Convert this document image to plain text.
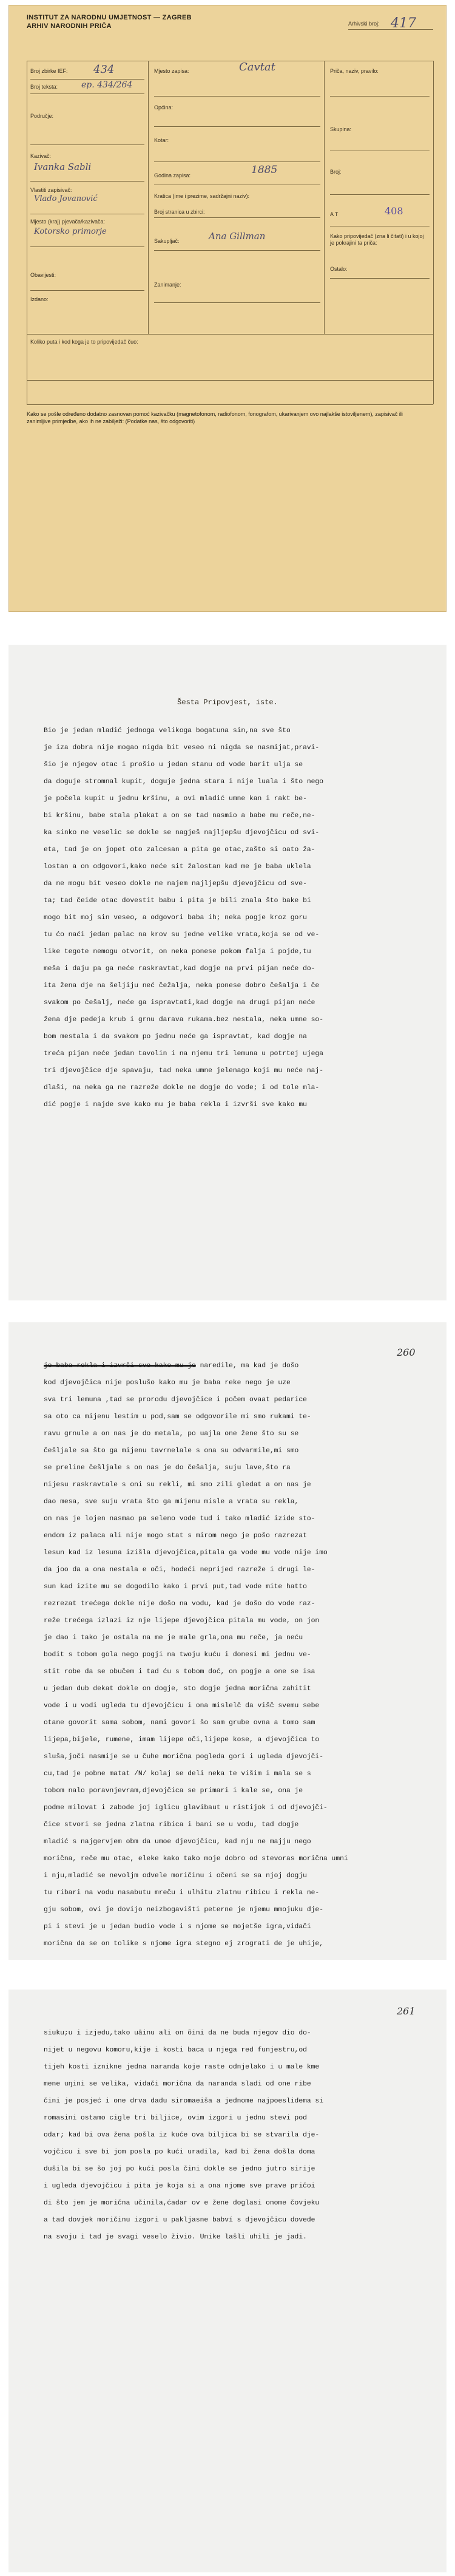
INSTITUT ZA NARODNU UMJETNOST — ZAGREB
ARHIV NARODNIH PRIČA	Arhivski broj: 417
Broj zbirke IEF: 434
Broj teksta:	ep. 434/264
Područje:
Kazivač:
Ivanka Sabli
Vlastiti zapisivač:
Vlado Jovanović
Mjesto (kraj) pjevača/kazivača:
Kotorsko primorje
Obavijesti:
Izdano:
Mjesto zapisa:	Cavtat
Općina:
Kotar:
Godina zapisa:	1885
Kratica (ime i prezime, sadržajni naziv):
Broj stranica u zbirci:
Sakupljač:	Ana Gillman
Zanimanje:
Priča, naziv, pravilo:
Skupina:
Broj:
A T	408
Kako pripovijedač (zna li čitati) i u kojoj je pokrajini ta priča:
Ostalo:
Koliko puta i kod koga je to pripovijedač čuo:
Kako se pošle određeno dodatno zasnovan pomoć kazivačku (magnetofonom, radiofonom, fonografom, ukarivanjem ovo najlakše istoviljenem), zapisivač ili zanimljive primjedbe, ako ih ne zabilježi: (Podatke nas, što odgovoriti)
Šesta Pripovjest, iste.
Bio je jedan mladić jednoga velikoga bogatuna sin,na sve što
je iza dobra nije mogao nigda bit veseo ni nigda se nasmijat,pravi-
šio je njegov otac i prošio u jedan stanu od vode barit ulja se
da doguje stromnal kupit, doguje jedna stara i nije luala i što nego
je počela kupit u jednu kršinu, a ovi mladić umne kan i rakt be-
bi kršinu, babe stala plakat a on se tad nasmio a babe mu reče,ne-
ka sinko ne veselic se dokle se nagješ najljepšu djevojčicu od svi-
eta, tad je on jopet oto zalcesan a pita ge otac,zašto si oato ža-
lostan a on odgovori,kako neće sit žalostan kad me je baba uklela
da ne mogu bit veseo dokle ne najem najljepšu djevojčicu od sve-
ta; tad čeide otac dovestit babu i pita je bili znala što bake bi
mogo bit moj sin veseo, a odgovori baba ih; neka pogje kroz goru
tu ćo naći jedan palac na krov su jedne velike vrata,koja se od ve-
like tegote nemogu otvorit, on neka ponese pokom falja i pojde,tu
meša i daju pa ga neće raskravtat,kad dogje na prvi pijan neće do-
ita žena dje na šeljiju neć čežalja, neka ponese dobro češalja i če
svakom po češalj, neće ga ispravtati,kad dogje na drugi pijan neće
žena dje pedeja krub i grnu darava rukama.bez nestala, neka umne so-
bom mestala i da svakom po jednu neće ga ispravtat, kad dogje na
treća pijan neće jedan tavolin i na njemu tri lemuna u potrtej ujega
tri djevojčice dje spavaju, tad neka umne jelenago koji mu neće naj-
dlaši, na neka ga ne razreže dokle ne dogje do vode; i od tole mla-
dić pogje i najde sve kako mu je baba rekla i izvrši sve kako mu
260
je baba rekla i izvrši sve kako mu je naredile, ma kad je došo
kod djevojčica nije poslušo kako mu je baba reke nego je uze
sva tri lemuna ,tad se prorodu djevojčice i počem ovaat pedarice
sa oto ca mijenu lestim u pod,sam se odgovorile mi smo rukami te-
ravu grnule a on nas je do metala, po uajla one žene što su se
češljale sa što ga mijenu tavrnelale s ona su odvarmile,mi smo
se preline češljale s on nas je do češalja, suju lave,što ra
nijesu raskravtale s oni su rekli, mi smo zili gledat a on nas je
dao mesa, sve suju vrata što ga mijenu misle a vrata su rekla,
on nas je lojen nasmao pa seleno vode tud i tako mladić izide sto-
endom iz palaca ali nije mogo stat s mirom nego je pošo razrezat
lesun kad iz lesuna izišla djevojčica,pitala ga vode mu vode nije imo
da joo da a ona nestala e oči, hodeći neprijed razreže i drugi le-
sun kad izite mu se dogodilo kako i prvi put,tad vode mite hatto
rezrezat trećega dokle nije došo na vodu, kad je došo do vode raz-
reže trećega izlazi iz nje lijepe djevojčica pitala mu vode, on jon
je dao i tako je ostala na me je male grla,ona mu reče, ja neću
bodit s tobom gola nego pogji na twoju kuću i donesi mi jednu ve-
stit robe da se obučem i tad ću s tobom doć, on pogje a one se isa
u jedan dub dekat dokle on dogje, sto dogje jedna morična zahitit
vode i u vodi ugleda tu djevojčicu i ona mislelč da višč svemu sebe
otane govorit sama sobom, nami govori šo sam grube ovna a tomo sam
lijepa,bijele, rumene, imam lijepe oči,lijepe kose, a djevojčica to
sluša,joči nasmije se u čuhe morična pogleda gori i ugleda djevojči-
cu,tad je pobne matat /N/ kolaj se deli neka te višim i mala se s
tobom nalo poravnjevram,djevojčica se primari i kale se, ona je
podme milovat i zabode joj iglicu glavibaut u ristijok i od djevojči-
čice stvori se jedna zlatna ribica i bani se u vodu, tad dogje
mladić s najgervjem obm da umoe djevojčicu, kad nju ne majju nego
morična, reče mu otac, eleke kako tako moje dobro od stevoras morična umni
i nju,mladić se nevoljm odvele moričinu i očeni se sa njoj dogju
tu ribari na vodu nasabutu mreču i ulhitu zlatnu ribicu i rekla ne-
gju sobom, ovi je dovijo neizbogavišti peterne je njemu mmojuku dje-
pi i stevi je u jedan budio vode i s njome se mojetše igra,vidači
morična da se on tolike s njome igra stegno ej zrograti de je uhije,
261
siuku;u i izjedu,tako uāinu ali on õini da ne buda njegov dio do-
nijet u negovu komoru,kije i kosti baca u njega red funjestru,od
tijeh kosti iznikne jedna naranda koje raste odnjelako i u male kme
mene uŋini se velika, vidači morična da naranda sladi od one ribe
čini je posjeć i one drva dadu siromaeiša a jednome najpoeslidema si
romasini ostamo cigle tri biljice, ovim izgori u jednu stevi pod
odar; kad bi ova žena pošla iz kuće ova biljica bi se stvarila dje-
vojčicu i sve bi jom posla po kući uradila, kad bi žena došla doma
dušila bi se šo joj po kući posla čini dokle se jedno jutro sirije
i ugleda djevojčicu i pita je koja si a ona njome sve prave pričoi
di što jem je morična učinila,ćadar ov e žene doglasi onome čovjeku
a tad dovjek moričinu izgori u pakljasne babví s djevojčicu dovede
na svoju i tad je svagi veselo živio. Unike lašli uhili je jadi.
